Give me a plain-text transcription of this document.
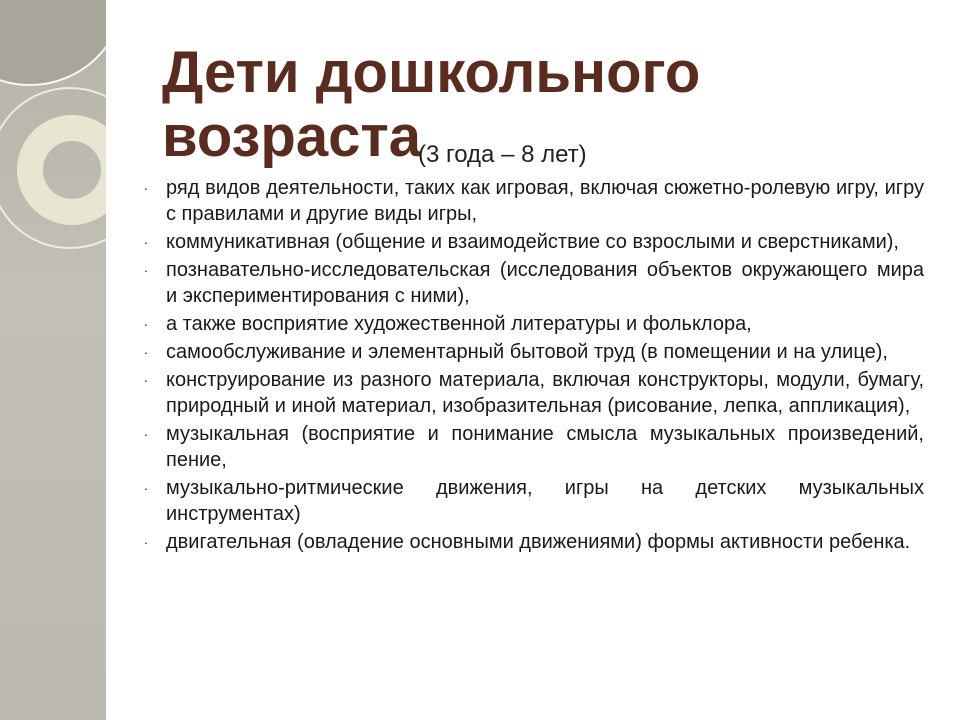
Дети дошкольного
возраста
(3 года – 8 лет)
· ряд видов деятельности, таких как игровая, включая сюжетно-ролевую игру, игру с правилами и другие виды игры,
· коммуникативная (общение и взаимодействие со взрослыми и сверстниками),
· познавательно-исследовательская (исследования объектов окружающего мира и экспериментирования с ними),
· а также восприятие художественной литературы и фольклора,
· самообслуживание и элементарный бытовой труд (в помещении и на улице),
· конструирование из разного материала, включая конструкторы, модули, бумагу, природный и иной материал, изобразительная (рисование, лепка, аппликация),
· музыкальная (восприятие и понимание смысла музыкальных произведений, пение,
· музыкально-ритмические движения, игры на детских музыкальных инструментах)
· двигательная (овладение основными движениями) формы активности ребенка.
